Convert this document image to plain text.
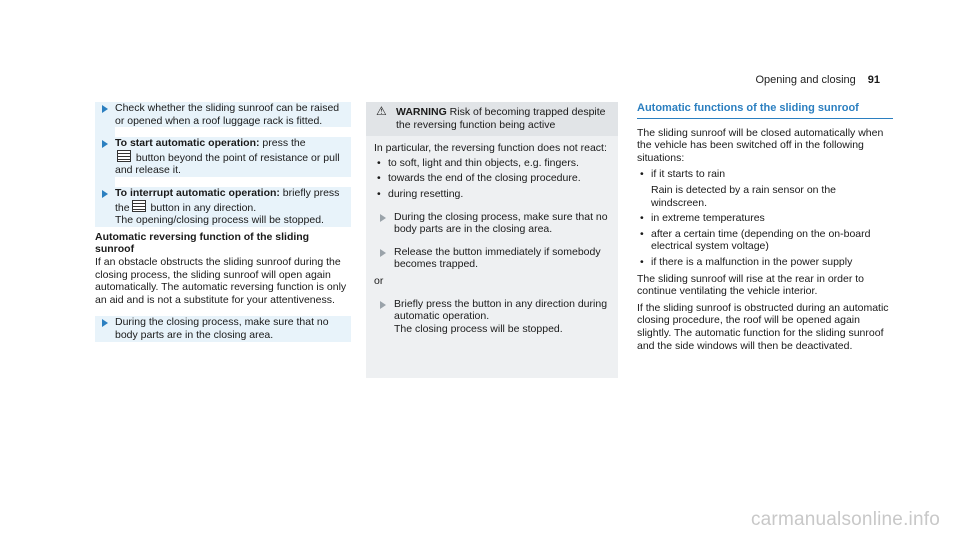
Opening and closing 91
Check whether the sliding sunroof can be raised or opened when a roof luggage rack is fitted.
To start automatic operation: press the
button beyond the point of resistance or pull and release it.
To interrupt automatic operation: briefly press the button in any direction.
The opening/closing process will be stopped.
Automatic reversing function of the sliding sunroof
If an obstacle obstructs the sliding sunroof during the closing process, the sliding sunroof will open again automatically. The automatic reversing function is only an aid and is not a substitute for your attentiveness.
During the closing process, make sure that no body parts are in the closing area.
⚠ WARNING Risk of becoming trapped despite the reversing function being active
In particular, the reversing function does not react:
• to soft, light and thin objects, e.g. fingers.
• towards the end of the closing procedure.
• during resetting.
During the closing process, make sure that no body parts are in the closing area.
Release the button immediately if somebody becomes trapped.
or
Briefly press the button in any direction during automatic operation.
The closing process will be stopped.
Automatic functions of the sliding sunroof

The sliding sunroof will be closed automatically when the vehicle has been switched off in the following situations:

• if it starts to rain
Rain is detected by a rain sensor on the windscreen.
• in extreme temperatures
• after a certain time (depending on the on-board electrical system voltage)
• if there is a malfunction in the power supply

The sliding sunroof will rise at the rear in order to continue ventilating the vehicle interior.

If the sliding sunroof is obstructed during an automatic closing procedure, the roof will be opened again slightly. The automatic function for the sliding sunroof and the side windows will then be deactivated.

carmanualsonline.info
